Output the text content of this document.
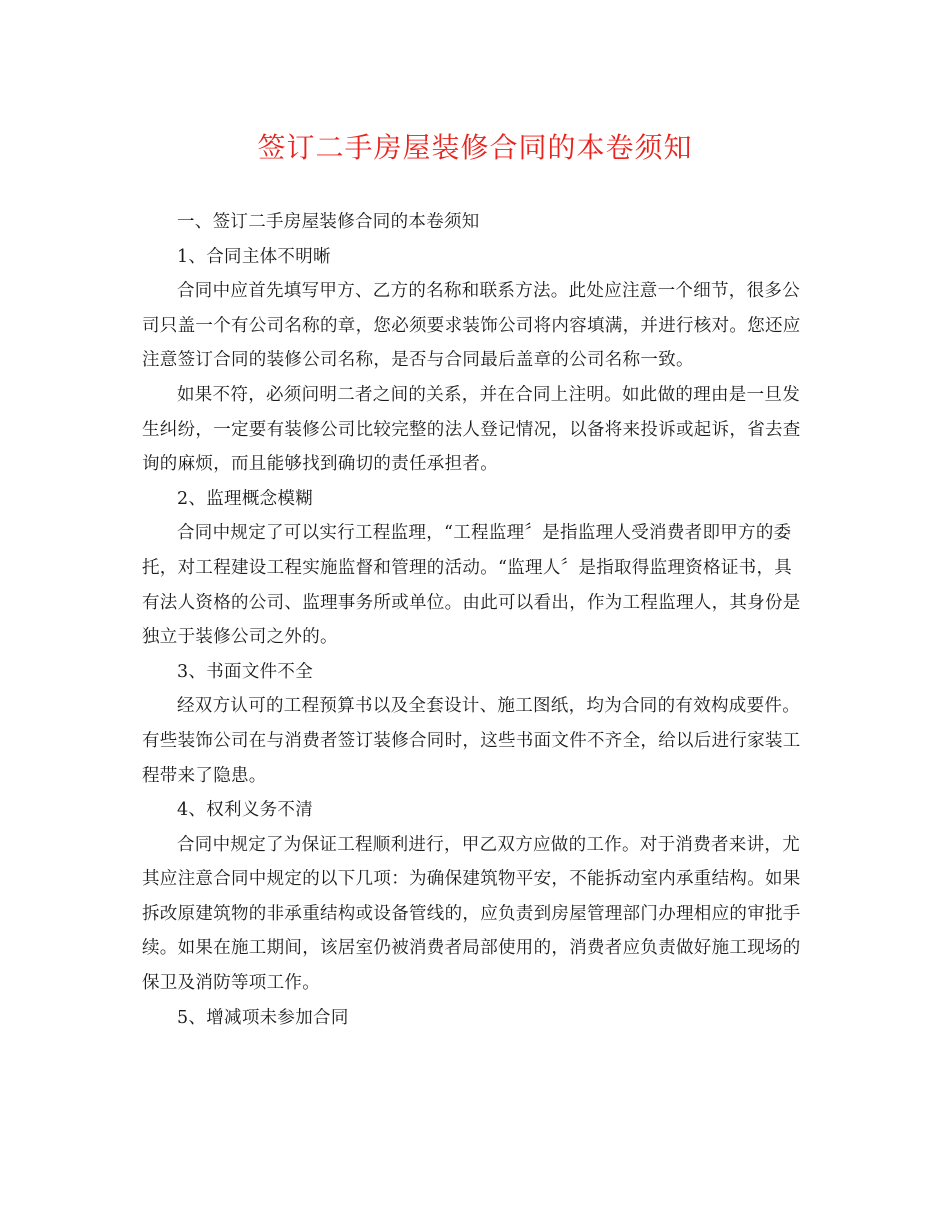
签订二手房屋装修合同的本卷须知

一、签订二手房屋装修合同的本卷须知

1、合同主体不明晰

合同中应首先填写甲方、乙方的名称和联系方法。此处应注意一个细节，很多公司只盖一个有公司名称的章，您必须要求装饰公司将内容填满，并进行核对。您还应注意签订合同的装修公司名称，是否与合同最后盖章的公司名称一致。

如果不符，必须问明二者之间的关系，并在合同上注明。如此做的理由是一旦发生纠纷，一定要有装修公司比较完整的法人登记情况，以备将来投诉或起诉，省去查询的麻烦，而且能够找到确切的责任承担者。

2、监理概念模糊

合同中规定了可以实行工程监理，“工程监理〞是指监理人受消费者即甲方的委托，对工程建设工程实施监督和管理的活动。“监理人〞是指取得监理资格证书，具有法人资格的公司、监理事务所或单位。由此可以看出，作为工程监理人，其身份是独立于装修公司之外的。

3、书面文件不全

经双方认可的工程预算书以及全套设计、施工图纸，均为合同的有效构成要件。有些装饰公司在与消费者签订装修合同时，这些书面文件不齐全，给以后进行家装工程带来了隐患。

4、权利义务不清

合同中规定了为保证工程顺利进行，甲乙双方应做的工作。对于消费者来讲，尤其应注意合同中规定的以下几项：为确保建筑物平安，不能拆动室内承重结构。如果拆改原建筑物的非承重结构或设备管线的，应负责到房屋管理部门办理相应的审批手续。如果在施工期间，该居室仍被消费者局部使用的，消费者应负责做好施工现场的保卫及消防等项工作。

5、增减项未参加合同
